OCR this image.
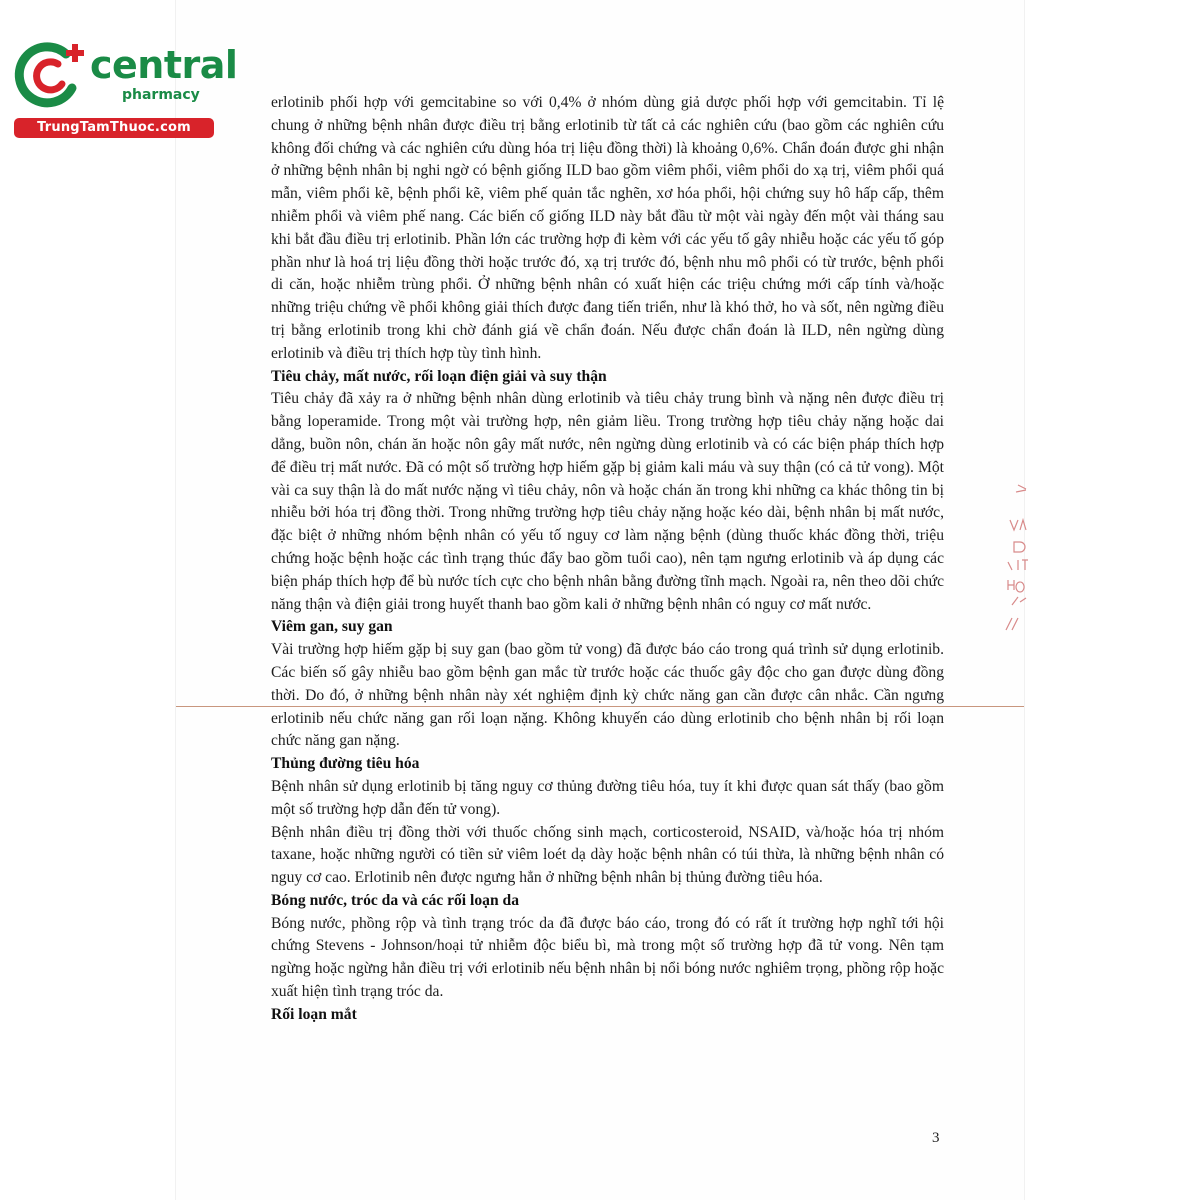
central
pharmacy
TrungTamThuoc.com

erlotinib phối hợp với gemcitabine so với 0,4% ở nhóm dùng giả dược phối hợp với gemcitabin. Tỉ lệ chung ở những bệnh nhân được điều trị bằng erlotinib từ tất cả các nghiên cứu (bao gồm các nghiên cứu không đối chứng và các nghiên cứu dùng hóa trị liệu đồng thời) là khoảng 0,6%. Chẩn đoán được ghi nhận ở những bệnh nhân bị nghi ngờ có bệnh giống ILD bao gồm viêm phổi, viêm phổi do xạ trị, viêm phổi quá mẫn, viêm phổi kẽ, bệnh phổi kẽ, viêm phế quản tắc nghẽn, xơ hóa phổi, hội chứng suy hô hấp cấp, thêm nhiễm phổi và viêm phế nang. Các biến cố giống ILD này bắt đầu từ một vài ngày đến một vài tháng sau khi bắt đầu điều trị erlotinib. Phần lớn các trường hợp đi kèm với các yếu tố gây nhiễu hoặc các yếu tố góp phần như là hoá trị liệu đồng thời hoặc trước đó, xạ trị trước đó, bệnh nhu mô phổi có từ trước, bệnh phổi di căn, hoặc nhiễm trùng phổi. Ở những bệnh nhân có xuất hiện các triệu chứng mới cấp tính và/hoặc những triệu chứng về phổi không giải thích được đang tiến triển, như là khó thở, ho và sốt, nên ngừng điều trị bằng erlotinib trong khi chờ đánh giá về chẩn đoán. Nếu được chẩn đoán là ILD, nên ngừng dùng erlotinib và điều trị thích hợp tùy tình hình.

Tiêu chảy, mất nước, rối loạn điện giải và suy thận

Tiêu chảy đã xảy ra ở những bệnh nhân dùng erlotinib và tiêu chảy trung bình và nặng nên được điều trị bằng loperamide. Trong một vài trường hợp, nên giảm liều. Trong trường hợp tiêu chảy nặng hoặc dai dẳng, buồn nôn, chán ăn hoặc nôn gây mất nước, nên ngừng dùng erlotinib và có các biện pháp thích hợp để điều trị mất nước. Đã có một số trường hợp hiếm gặp bị giảm kali máu và suy thận (có cả tử vong). Một vài ca suy thận là do mất nước nặng vì tiêu chảy, nôn và hoặc chán ăn trong khi những ca khác thông tin bị nhiễu bởi hóa trị đồng thời. Trong những trường hợp tiêu chảy nặng hoặc kéo dài, bệnh nhân bị mất nước, đặc biệt ở những nhóm bệnh nhân có yếu tố nguy cơ làm nặng bệnh (dùng thuốc khác đồng thời, triệu chứng hoặc bệnh hoặc các tình trạng thúc đẩy bao gồm tuổi cao), nên tạm ngưng erlotinib và áp dụng các biện pháp thích hợp để bù nước tích cực cho bệnh nhân bằng đường tĩnh mạch. Ngoài ra, nên theo dõi chức năng thận và điện giải trong huyết thanh bao gồm kali ở những bệnh nhân có nguy cơ mất nước.

Viêm gan, suy gan

Vài trường hợp hiếm gặp bị suy gan (bao gồm tử vong) đã được báo cáo trong quá trình sử dụng erlotinib. Các biến số gây nhiễu bao gồm bệnh gan mắc từ trước hoặc các thuốc gây độc cho gan được dùng đồng thời. Do đó, ở những bệnh nhân này xét nghiệm định kỳ chức năng gan cần được cân nhắc. Cần ngưng erlotinib nếu chức năng gan rối loạn nặng. Không khuyến cáo dùng erlotinib cho bệnh nhân bị rối loạn chức năng gan nặng.

Thủng đường tiêu hóa

Bệnh nhân sử dụng erlotinib bị tăng nguy cơ thủng đường tiêu hóa, tuy ít khi được quan sát thấy (bao gồm một số trường hợp dẫn đến tử vong).

Bệnh nhân điều trị đồng thời với thuốc chống sinh mạch, corticosteroid, NSAID, và/hoặc hóa trị nhóm taxane, hoặc những người có tiền sử viêm loét dạ dày hoặc bệnh nhân có túi thừa, là những bệnh nhân có nguy cơ cao. Erlotinib nên được ngưng hẳn ở những bệnh nhân bị thủng đường tiêu hóa.

Bóng nước, tróc da và các rối loạn da

Bóng nước, phồng rộp và tình trạng tróc da đã được báo cáo, trong đó có rất ít trường hợp nghĩ tới hội chứng Stevens - Johnson/hoại tử nhiễm độc biểu bì, mà trong một số trường hợp đã tử vong. Nên tạm ngừng hoặc ngừng hẳn điều trị với erlotinib nếu bệnh nhân bị nổi bóng nước nghiêm trọng, phồng rộp hoặc xuất hiện tình trạng tróc da.

Rối loạn mắt
3
